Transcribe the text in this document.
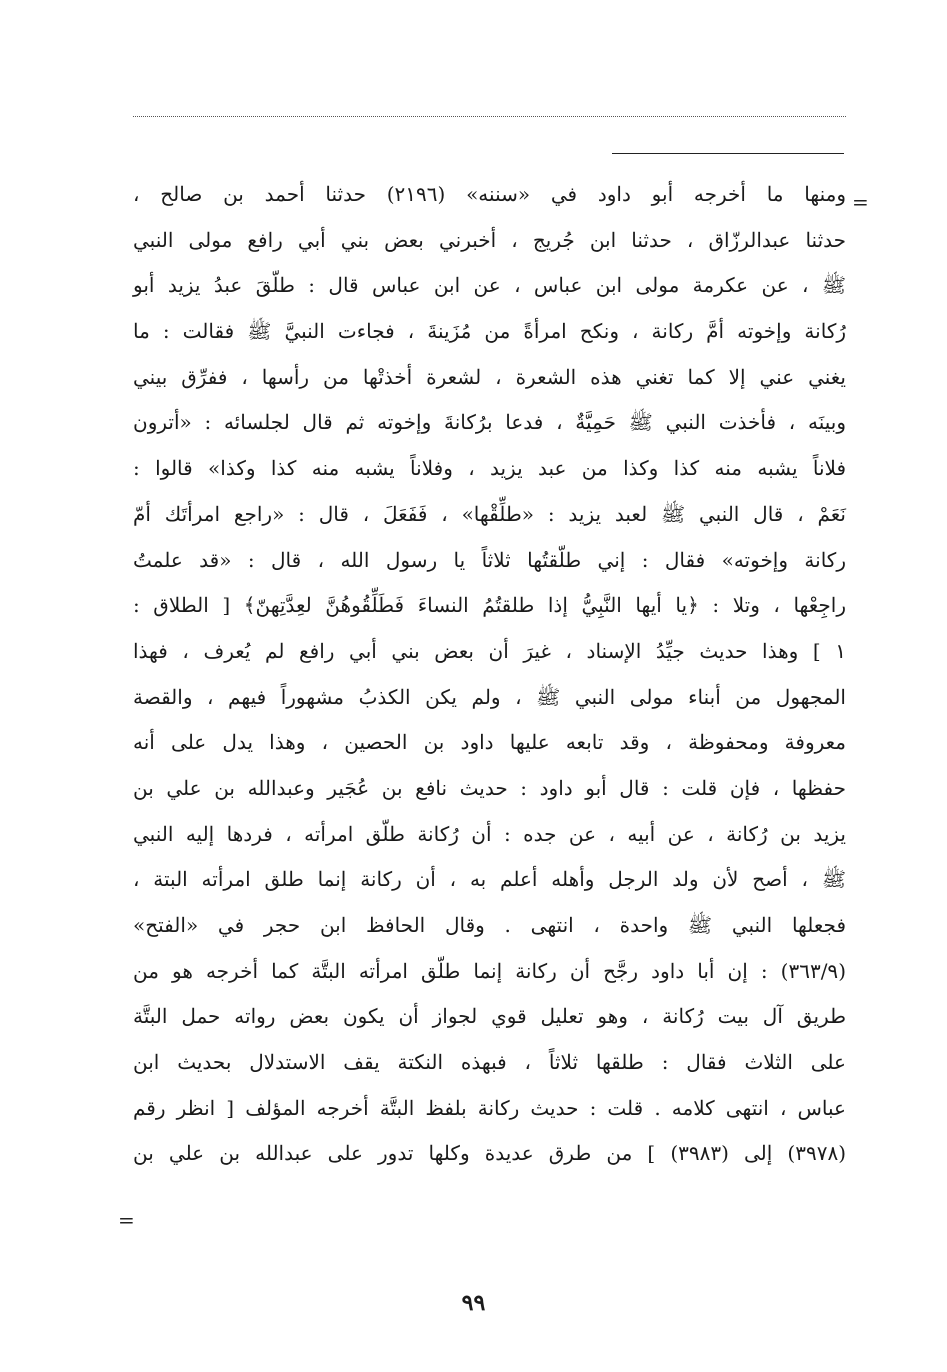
=
ومنها ما أخرجه أبو داود في «سننه» (٢١٩٦) حدثنا أحمد بن صالح ،
حدثنا عبدالرزّاق ، حدثنا ابن جُريج ، أخبرني بعض بني أبي رافع مولى النبي
ﷺ ، عن عكرمة مولى ابن عباس ، عن ابن عباس قال : طلّقَ عبدُ يزيد أبو
رُكانة وإخوته أمَّ ركانة ، ونكح امرأةً من مُزَينةَ ، فجاءت النبيَّ ﷺ فقالت : ما
يغني عني إلا كما تغني هذه الشعرة ، لشعرة أخذتْها من رأسها ، ففرِّق بيني
وبينَه ، فأخذت النبي ﷺ حَمِيَّةٌ ، فدعا برُكانةَ وإخوته ثم قال لجلسائه : «أترون
فلاناً يشبه منه كذا وكذا من عبد يزيد ، وفلاناً يشبه منه كذا وكذا» قالوا :
نَعَمْ ، قال النبي ﷺ لعبد يزيد : «طلِّقْها» ، فَفَعَلَ ، قال : «راجع امرأتَك أمّ
ركانة وإخوته» فقال : إني طلّقتُها ثلاثاً يا رسول الله ، قال : «قد علمتُ
راجِعْها ، وتلا : ﴿يا أيها النَّبِيُّ إذا طلقتُمُ النساءَ فَطَلِّقُوهُنَّ لعِدَّتِهنّ﴾ [ الطلاق :
١ ] وهذا حديث جيِّدُ الإسناد ، غيرَ أن بعض بني أبي رافع لم يُعرف ، فهذا
المجهول من أبناء مولى النبي ﷺ ، ولم يكن الكذبُ مشهوراً فيهم ، والقصة
معروفة ومحفوظة ، وقد تابعه عليها داود بن الحصين ، وهذا يدل على أنه
حفظها ، فإن قلت : قال أبو داود : حديث نافع بن عُجَير وعبدالله بن علي بن
يزيد بن رُكانة ، عن أبيه ، عن جده : أن رُكانة طلّق امرأته ، فردها إليه النبي
ﷺ ، أصح لأن ولد الرجل وأهله أعلم به ، أن ركانة إنما طلق امرأته البتة ،
فجعلها النبي ﷺ واحدة ، انتهى . وقال الحافظ ابن حجر في «الفتح»
(٣٦٣/٩) : إن أبا داود رجَّح أن ركانة إنما طلّق امرأته البتَّة كما أخرجه هو من
طريق آل بيت رُكانة ، وهو تعليل قوي لجواز أن يكون بعض رواته حمل البتَّة
على الثلاث فقال : طلقها ثلاثاً ، فبهذه النكتة يقف الاستدلال بحديث ابن
عباس ، انتهى كلامه . قلت : حديث ركانة بلفظ البتَّة أخرجه المؤلف [ انظر رقم
(٣٩٧٨) إلى (٣٩٨٣) ] من طرق عديدة وكلها تدور على عبدالله بن علي بن
=
٩٩
